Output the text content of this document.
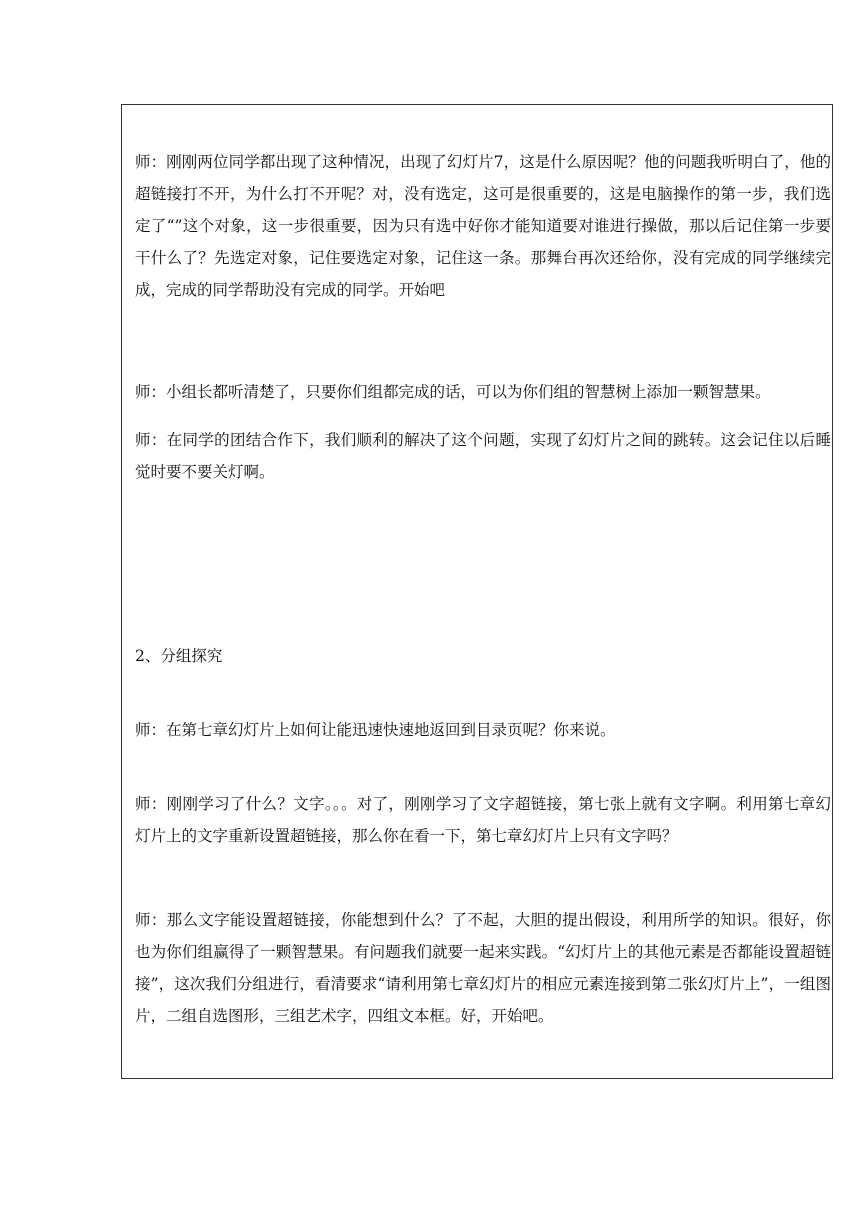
师：刚刚两位同学都出现了这种情况，出现了幻灯片7，这是什么原因呢？他的问题我听明白了，他的超链接打不开，为什么打不开呢？对，没有选定，这可是很重要的，这是电脑操作的第一步，我们选定了“”这个对象，这一步很重要，因为只有选中好你才能知道要对谁进行操做，那以后记住第一步要干什么了？先选定对象，记住要选定对象，记住这一条。那舞台再次还给你，没有完成的同学继续完成，完成的同学帮助没有完成的同学。开始吧

师：小组长都听清楚了，只要你们组都完成的话，可以为你们组的智慧树上添加一颗智慧果。

师：在同学的团结合作下，我们顺利的解决了这个问题，实现了幻灯片之间的跳转。这会记住以后睡觉时要不要关灯啊。

2、分组探究

师：在第七章幻灯片上如何让能迅速快速地返回到目录页呢？你来说。

师：刚刚学习了什么？文字。。。对了，刚刚学习了文字超链接，第七张上就有文字啊。利用第七章幻灯片上的文字重新设置超链接，那么你在看一下，第七章幻灯片上只有文字吗？

师：那么文字能设置超链接，你能想到什么？了不起，大胆的提出假设，利用所学的知识。很好，你也为你们组赢得了一颗智慧果。有问题我们就要一起来实践。“幻灯片上的其他元素是否都能设置超链接”，这次我们分组进行，看清要求“请利用第七章幻灯片的相应元素连接到第二张幻灯片上”，一组图片，二组自选图形，三组艺术字，四组文本框。好，开始吧。
